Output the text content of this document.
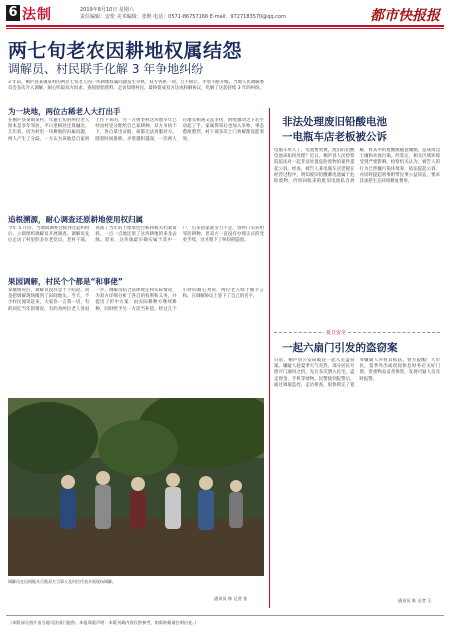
6 法制	2019年8月10日 星期六
责任编辑：安伦 美术编辑：张维 电话：0571-86757166 E-mail：9727183570@qq.com	都市快报报
两七旬老农因耕地权属结怨
调解员、村民联手化解 3 年争地纠纷
3 年前，桐庐县某镇某村的两位七旬老人因一块耕地权属问题发生争执，双方各执一词，互不相让，矛盾不断升级。当地人民调解委员会多次介入调解，耐心听取双方诉求，查阅原始资料，走访知情村民，最终促成双方达成和解协议，化解了这起持续 3 年的纠纷。
为一块地，两位古稀老人大打出手
在桐庐县某镇某村，年逾七旬的两位老人原本是多年邻居，平日里相处还算融洽。几年前，因为村里一块耕地的归属问题，两人产生了分歧，一方认为该地是自家祖上传下来的，另一方则坚称这块地早年已经由村里分配给自己家耕种。双方争执不下，各自拿出证据，却都无法说服对方。随着时间推移，矛盾越积越深，一次两人在地头相遇又起争执，情绪激动之下甚至动起了手。家属得知后也加入争吵，事态愈演愈烈，村干部多次上门劝解都没能奏效。
追根溯源，耐心调查还原耕地使用权归属
今年 5 月份，当地镇调委会接到这起纠纷后，立即组织调解员开展调查。调解员先后走访了村里的多位老党员、老村干部，查阅了当年的土地承包台账和相关档案资料，一点一点地还原了这块耕地的来龙去脉。原来，这块地最早确实属于其中一户，后来因家庭劳力不足，曾经口头转给邻居耕种，但双方一直没有办理正式的变更手续，这才埋下了纠纷的隐患。
果园调解，村民个个都是“和事佬”
掌握情况后，调解员没有急于下结论，而是把调解现场搬到了田间地头。当天，不少村民闻讯赶来，大家你一言我一语，有的回忆当年的情况，有的劝两位老人各退一步。调解员结合法律规定和实际情况，为双方详细分析了各自的权利和义务，并提出了折中方案：由实际耕种方继续耕种，同时给予另一方适当补偿。经过几个小时的耐心劝说，两位老人终于握手言和，在调解协议上签下了自己的名字。
调解员在田间地头召集双方当事人及村民代表开展现场调解。
通讯员 林 记者 张
非法处理废旧铅酸电池
一电瓶车店老板被公诉
电瓶车用久了，电池要更换，废旧的铅酸电池该如何处理？近日，桐庐县人民检察院依法对一起非法处置危险废物的案件提起公诉。经查，被告人某电瓶车店老板在经营过程中，明知废旧铅酸蓄电池属于危险废物，仍将回收来的废旧电池私自拆解，将其中的废酸液随意倾倒，造成周边土壤和水体污染。经鉴定，相关区域环境受到严重影响。检察机关认为，被告人的行为已涉嫌污染环境罪，依法提起公诉，并同时提起刑事附带民事公益诉讼，要求其承担生态环境修复费用。
夏日安全
一起六扇门引发的盗窃案
日前，桐庐县公安局破获一起入室盗窃案。嫌疑人趁夏季天气炎热、部分居民开窗开门通风之机，先后多次潜入民宅，盗走现金、手机等财物。民警接到报警后，通过调取监控、走访排查，很快锁定了犯罪嫌疑人并将其抓获。警方提醒广大市民，夏季外出或夜间休息时务必关好门窗，贵重物品妥善保管，发现可疑人员及时报警。
通讯员 陈 记者 王
（本版部分图片由当地司法部门提供。本报郑重声明：本版刊载内容仅供参考，如需转载请注明出处。）
